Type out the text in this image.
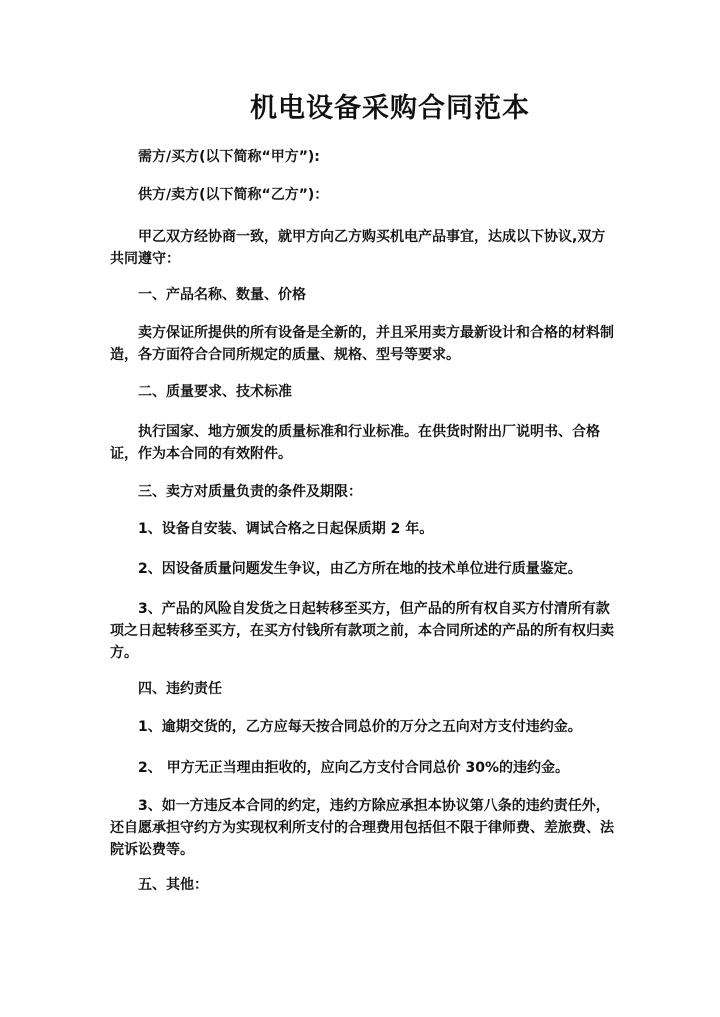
机电设备采购合同范本
需方/买方(以下简称“甲方”):
供方/卖方(以下简称“乙方”)：
甲乙双方经协商一致，就甲方向乙方购买机电产品事宜，达成以下协议,双方共同遵守：
一、产品名称、数量、价格
卖方保证所提供的所有设备是全新的，并且采用卖方最新设计和合格的材料制造，各方面符合合同所规定的质量、规格、型号等要求。
二、质量要求、技术标准
执行国家、地方颁发的质量标准和行业标准。在供货时附出厂说明书、合格证，作为本合同的有效附件。
三、卖方对质量负责的条件及期限：
1、设备自安装、调试合格之日起保质期 2 年。
2、因设备质量问题发生争议，由乙方所在地的技术单位进行质量鉴定。
3、产品的风险自发货之日起转移至买方，但产品的所有权自买方付清所有款项之日起转移至买方，在买方付钱所有款项之前，本合同所述的产品的所有权归卖方。
四、违约责任
1、逾期交货的，乙方应每天按合同总价的万分之五向对方支付违约金。
2、 甲方无正当理由拒收的，应向乙方支付合同总价 30%的违约金。
3、如一方违反本合同的约定，违约方除应承担本协议第八条的违约责任外，还自愿承担守约方为实现权利所支付的合理费用包括但不限于律师费、差旅费、法院诉讼费等。
五、其他：
